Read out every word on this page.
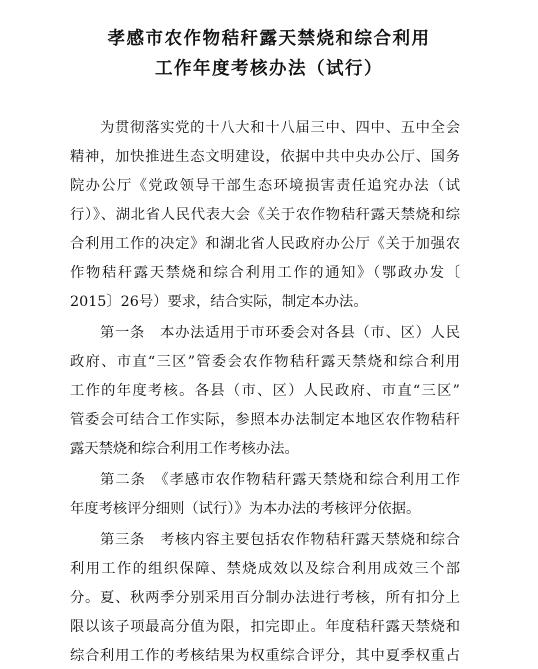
孝感市农作物秸秆露天禁烧和综合利用
工作年度考核办法（试行）
为贯彻落实党的十八大和十八届三中、四中、五中全会
精神，加快推进生态文明建设，依据中共中央办公厅、国务
院办公厅《党政领导干部生态环境损害责任追究办法（试
行）》、湖北省人民代表大会《关于农作物秸秆露天禁烧和综
合利用工作的决定》和湖北省人民政府办公厅《关于加强农
作物秸秆露天禁烧和综合利用工作的通知》（鄂政办发〔
2015〕26号）要求，结合实际，制定本办法。
第一条　本办法适用于市环委会对各县（市、区）人民
政府、市直“三区”管委会农作物秸秆露天禁烧和综合利用
工作的年度考核。各县（市、区）人民政府、市直“三区”
管委会可结合工作实际，参照本办法制定本地区农作物秸秆
露天禁烧和综合利用工作考核办法。
第二条　《孝感市农作物秸秆露天禁烧和综合利用工作
年度考核评分细则（试行）》为本办法的考核评分依据。
第三条　考核内容主要包括农作物秸秆露天禁烧和综合
利用工作的组织保障、禁烧成效以及综合利用成效三个部
分。夏、秋两季分别采用百分制办法进行考核，所有扣分上
限以该子项最高分值为限，扣完即止。年度秸秆露天禁烧和
综合利用工作的考核结果为权重综合评分，其中夏季权重占
